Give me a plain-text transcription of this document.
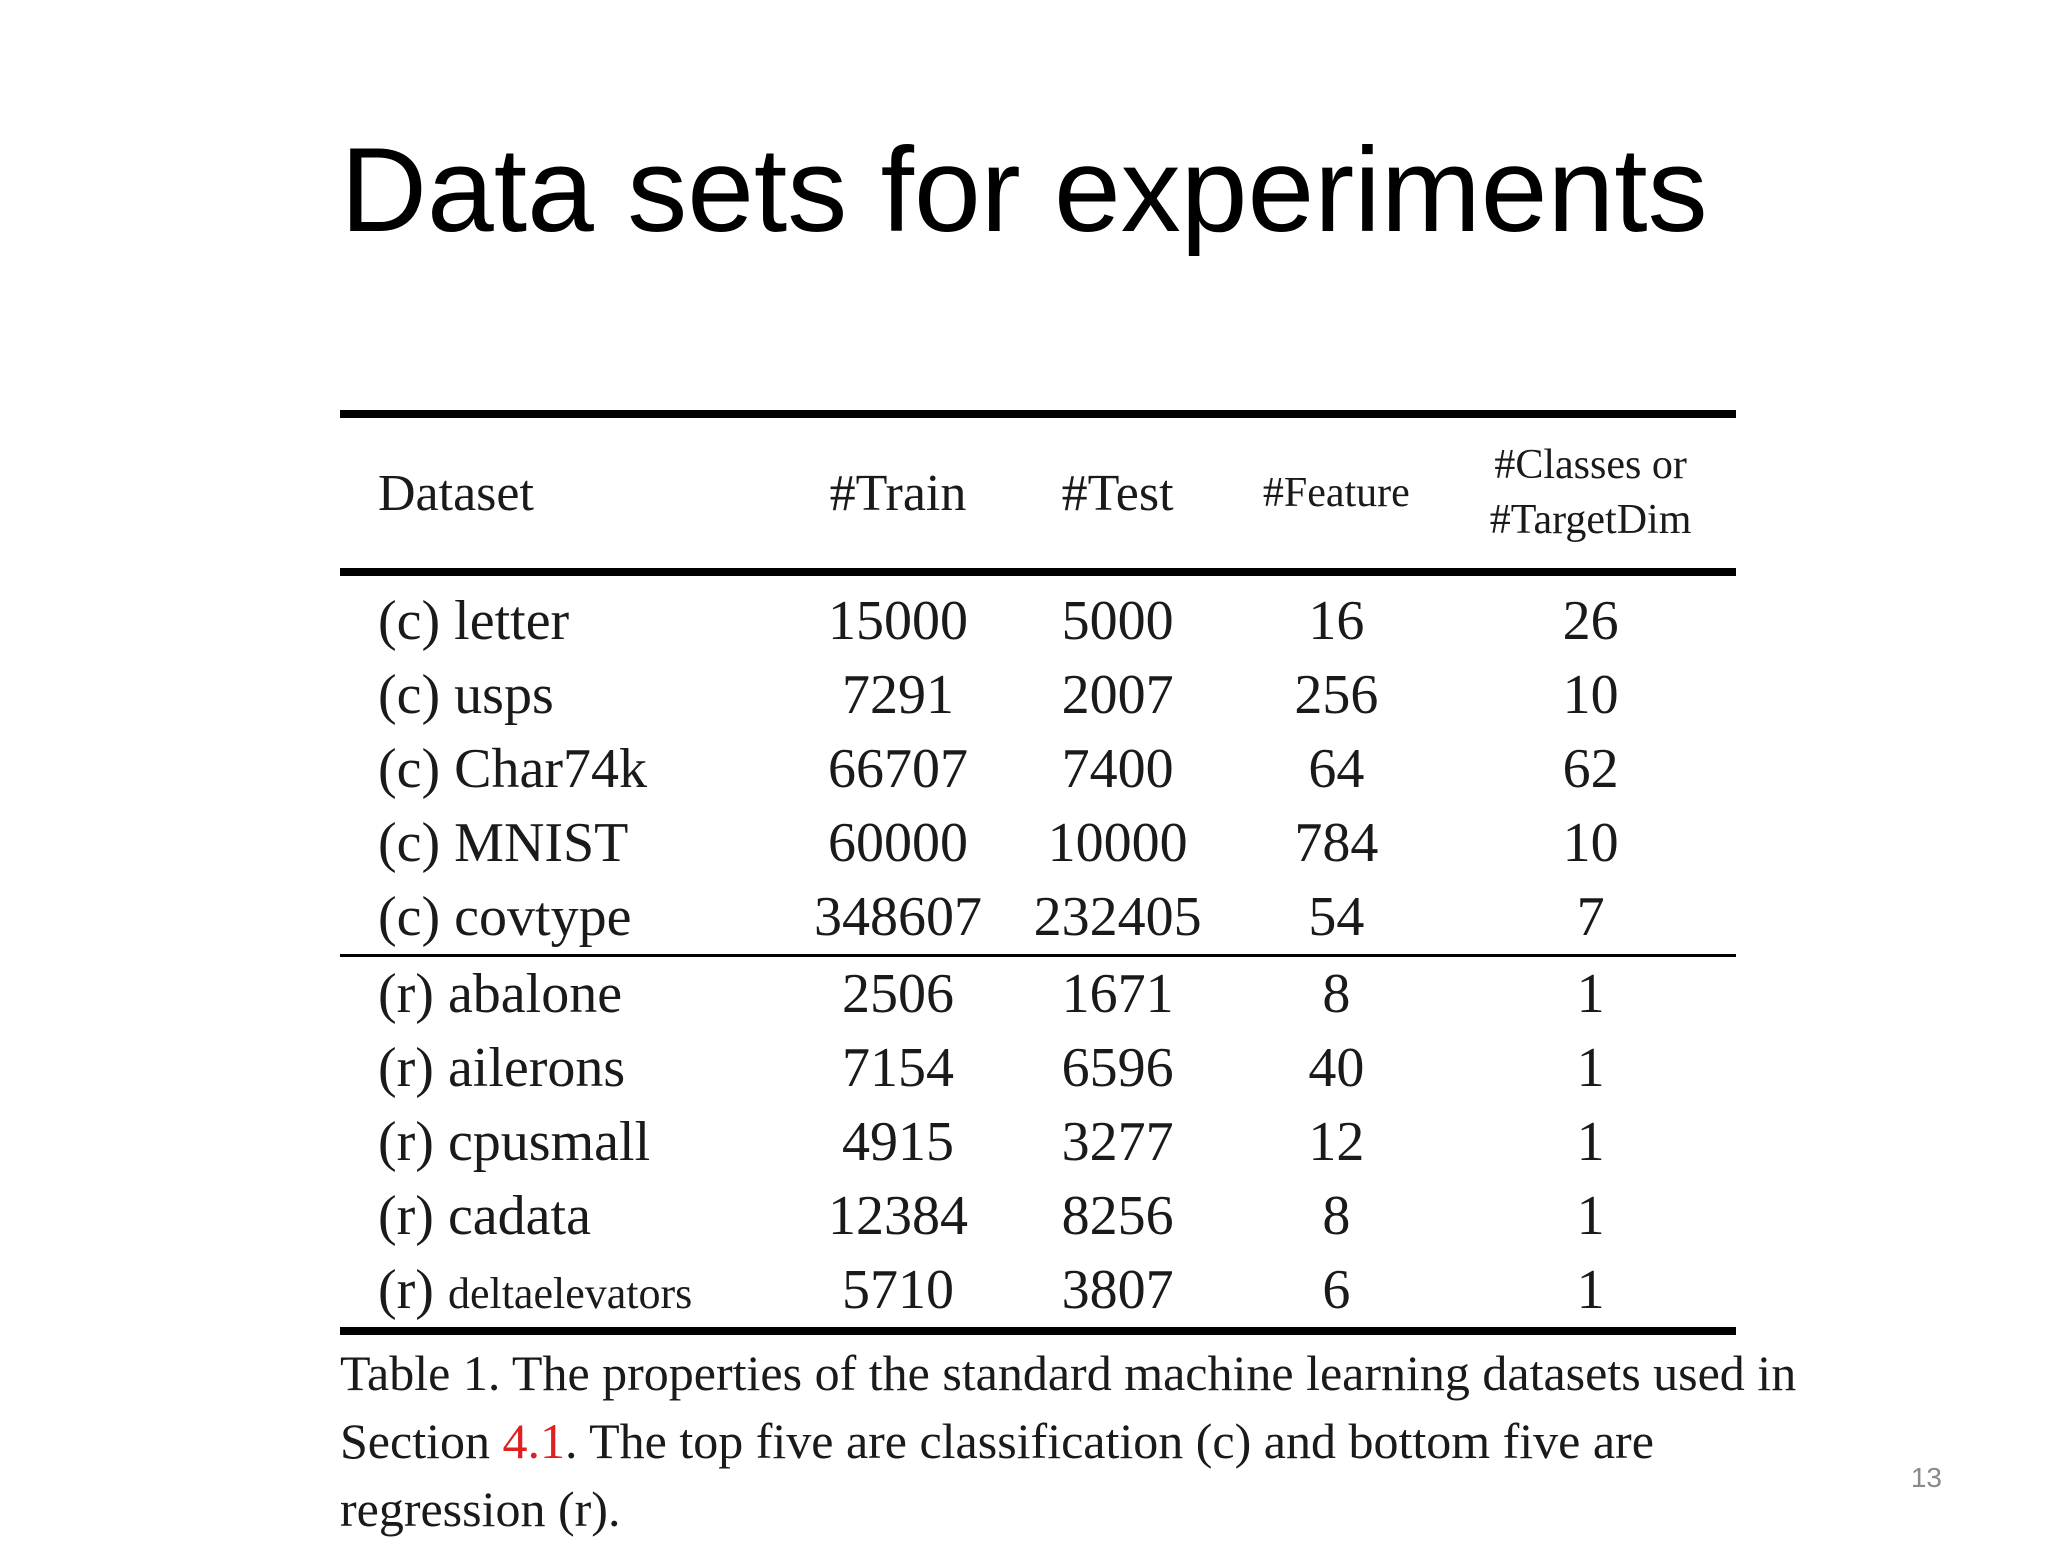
Data sets for experiments
Dataset	#Train	#Test	#Feature	#Classes or
#TargetDim
(c) letter	15000	5000	16	26
(c) usps	7291	2007	256	10
(c) Char74k	66707	7400	64	62
(c) MNIST	60000	10000	784	10
(c) covtype	348607	232405	54	7
(r) abalone	2506	1671	8	1
(r) ailerons	7154	6596	40	1
(r) cpusmall	4915	3277	12	1
(r) cadata	12384	8256	8	1
(r) deltaelevators	5710	3807	6	1
Table 1. The properties of the standard machine learning datasets used in Section 4.1. The top five are classification (c) and bottom five are regression (r).
13
